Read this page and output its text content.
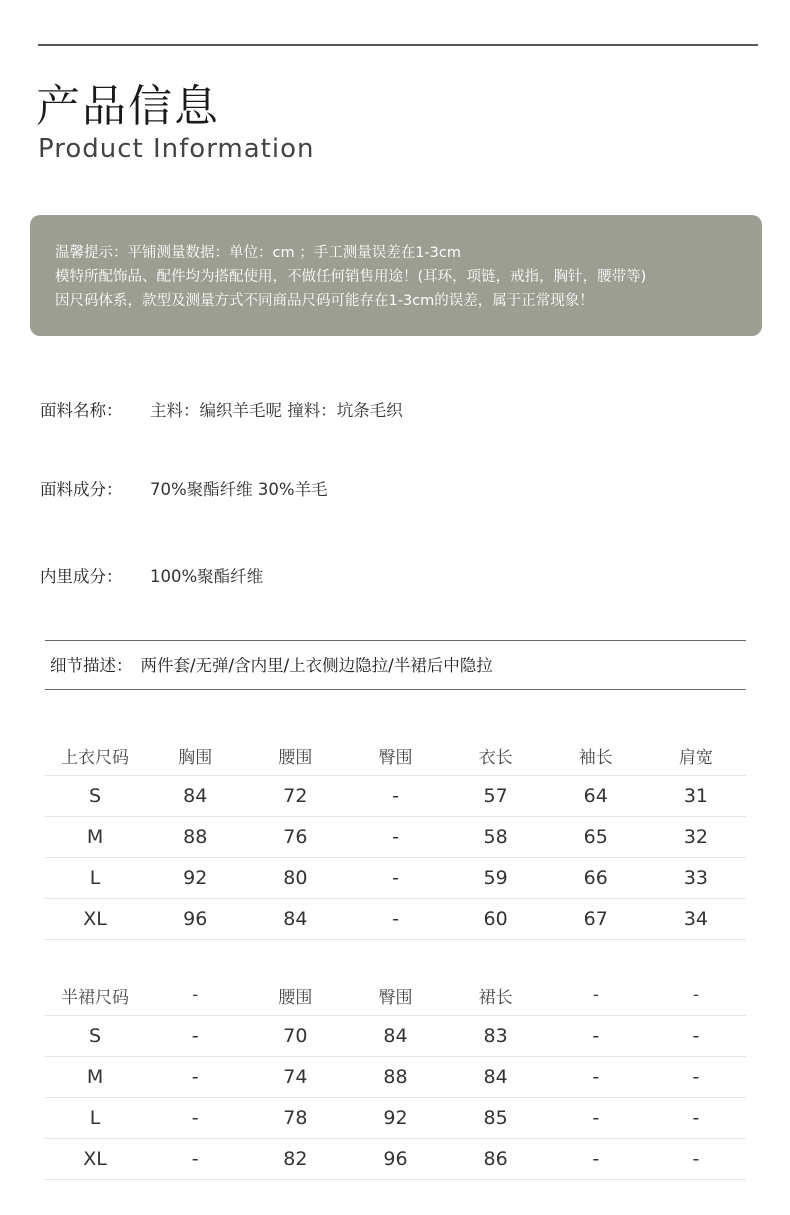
产品信息
Product Information
温馨提示：平铺测量数据：单位：cm ；手工测量误差在1-3cm
模特所配饰品、配件均为搭配使用，不做任何销售用途！(耳环，项链，戒指，胸针，腰带等)
因尺码体系，款型及测量方式不同商品尺码可能存在1-3cm的误差，属于正常现象！
面料名称： 主料：编织羊毛呢 撞料：坑条毛织
面料成分： 70%聚酯纤维 30%羊毛
内里成分： 100%聚酯纤维
细节描述： 两件套/无弹/含内里/上衣侧边隐拉/半裙后中隐拉
上衣尺码	胸围	腰围	臀围	衣长	袖长	肩宽
S	84	72	-	57	64	31
M	88	76	-	58	65	32
L	92	80	-	59	66	33
XL	96	84	-	60	67	34
半裙尺码	-	腰围	臀围	裙长	-	-
S	-	70	84	83	-	-
M	-	74	88	84	-	-
L	-	78	92	85	-	-
XL	-	82	96	86	-	-
